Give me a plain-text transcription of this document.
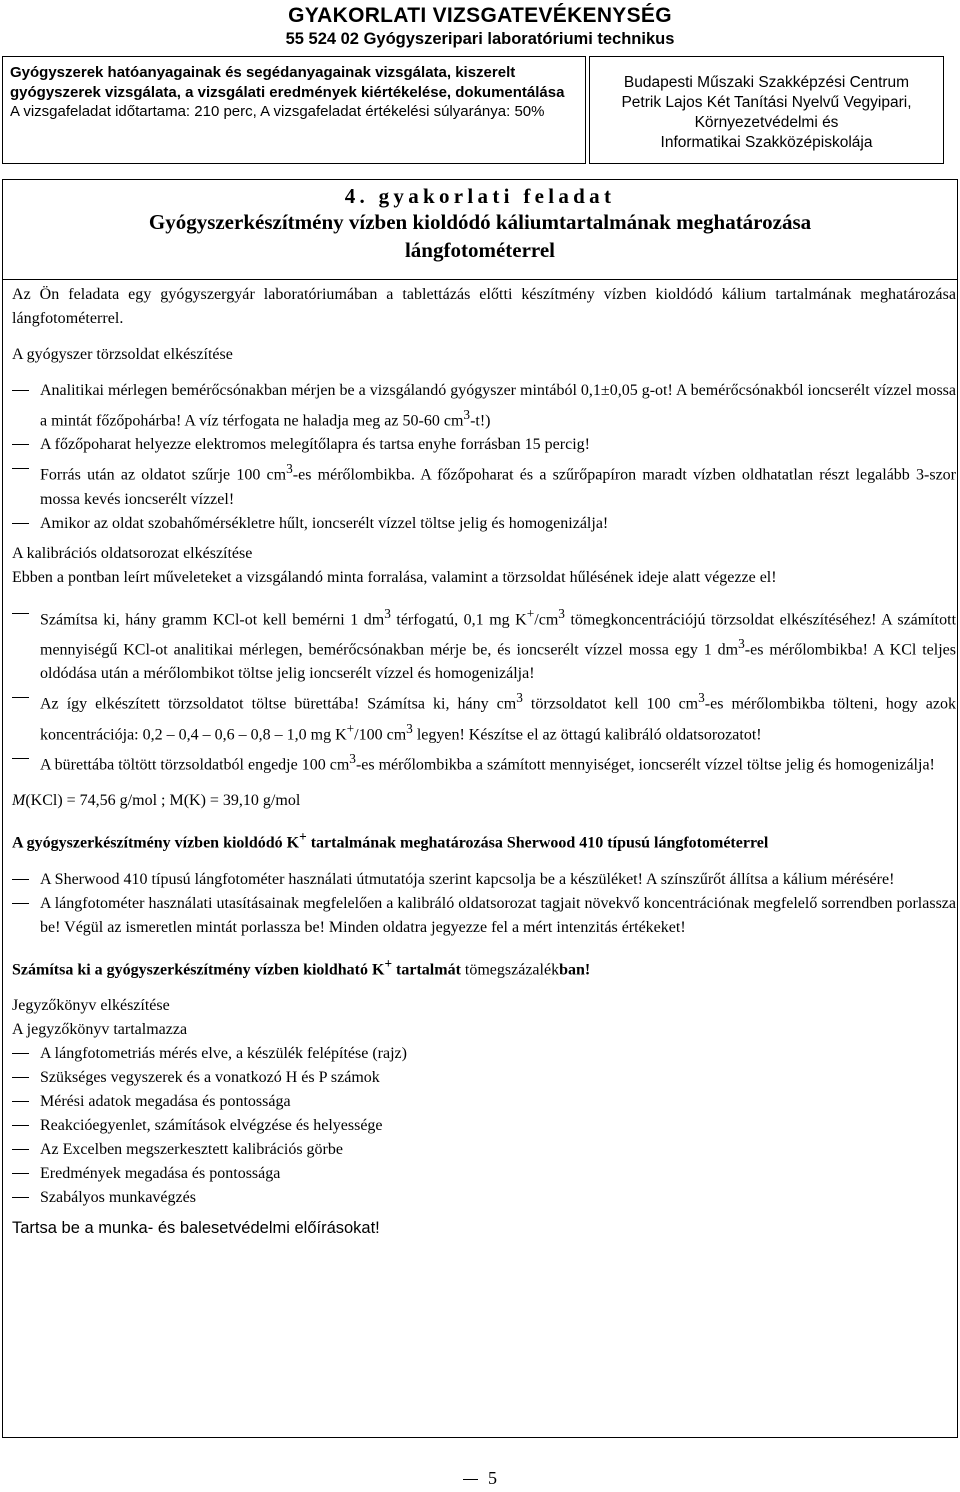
GYAKORLATI VIZSGATEVÉKENYSÉG
55 524 02 Gyógyszeripari laboratóriumi technikus
Gyógyszerek hatóanyagainak és segédanyagainak vizsgálata, kiszerelt gyógyszerek vizsgálata, a vizsgálati eredmények kiértékelése, dokumentálása
A vizsgafeladat időtartama: 210 perc, A vizsgafeladat értékelési súlyaránya: 50%
Budapesti Műszaki Szakképzési Centrum
Petrik Lajos Két Tanítási Nyelvű Vegyipari,
Környezetvédelmi és
Informatikai Szakközépiskolája
4. gyakorlati feladat
Gyógyszerkészítmény vízben kioldódó káliumtartalmának meghatározása
lángfotométerrel

Az Ön feladata egy gyógyszergyár laboratóriumában a tablettázás előtti készítmény vízben kioldódó kálium tartalmának meghatározása lángfotométerrel.

A gyógyszer törzsoldat elkészítése

Analitikai mérlegen bemérőcsónakban mérjen be a vizsgálandó gyógyszer mintából 0,1±0,05 g-ot! A bemérőcsónakból ioncserélt vízzel mossa a mintát főzőpohárba! A víz térfogata ne haladja meg az 50-60 $cm^3-t$!)
A főzőpoharat helyezze elektromos melegítőlapra és tartsa enyhe forrásban 15 percig!
Forrás után az oldatot szűrje 100 $cm^3-es$ mérőlombikba. A főzőpoharat és a szűrőpapíron maradt vízben oldhatatlan részt legalább 3-szor mossa kevés ioncserélt vízzel!
Amikor az oldat szobahőmérsékletre hűlt, ioncserélt vízzel töltse jelig és homogenizálja!

A kalibrációs oldatsorozat elkészítése

Ebben a pontban leírt műveleteket a vizsgálandó minta forralása, valamint a törzsoldat hűlésének ideje alatt végezze el!

Számítsa ki, hány gramm KCl-ot kell bemérni 1 $dm^3$ térfogatú, 0,1 mg $K^+/cm^3$ tömegkoncentrációjú törzsoldat elkészítéséhez! A számított mennyiségű KCl-ot analitikai mérlegen, bemérőcsónakban mérje be, és ioncserélt vízzel mossa egy 1 $dm^3-es$ mérőlombikba! A KCl teljes oldódása után a mérőlombikot töltse jelig ioncserélt vízzel és homogenizálja!
Az így elkészített törzsoldatot töltse bürettába! Számítsa ki, hány $cm^3$ törzsoldatot kell 100 $cm^3-es$ mérőlombikba tölteni, hogy azok koncentrációja: 0,2 – 0,4 – 0,6 – 0,8 – 1,0 mg K+/100 $cm^3$ legyen! Készítse el az öttagú kalibráló oldatsorozatot!
A bürettába töltött törzsoldatból engedje 100 $cm^3-es$ mérőlombikba a számított mennyiséget, ioncserélt vízzel töltse jelig és homogenizálja!

M(KCl) = 74,56 g/mol ; M(K) = 39,10 g/mol

A gyógyszerkészítmény vízben kioldódó K+ tartalmának meghatározása Sherwood 410 típusú lángfotométerrel

A Sherwood 410 típusú lángfotométer használati útmutatója szerint kapcsolja be a készüléket! A színszűrőt állítsa a kálium mérésére!
A lángfotométer használati utasításainak megfelelően a kalibráló oldatsorozat tagjait növekvő koncentrációnak megfelelő sorrendben porlassza be! Végül az ismeretlen mintát porlassza be! Minden oldatra jegyezze fel a mért intenzitás értékeket!

Számítsa ki a gyógyszerkészítmény vízben kioldható K+ tartalmát tömegszázalékban!

Jegyzőkönyv elkészítése

A jegyzőkönyv tartalmazza

A lángfotometriás mérés elve, a készülék felépítése (rajz)
Szükséges vegyszerek és a vonatkozó H és P számok
Mérési adatok megadása és pontossága
Reakcióegyenlet, számítások elvégzése és helyessége
Az Excelben megszerkesztett kalibrációs görbe
Eredmények megadása és pontossága
Szabályos munkavégzés

Tartsa be a munka- és balesetvédelmi előírásokat!

5
